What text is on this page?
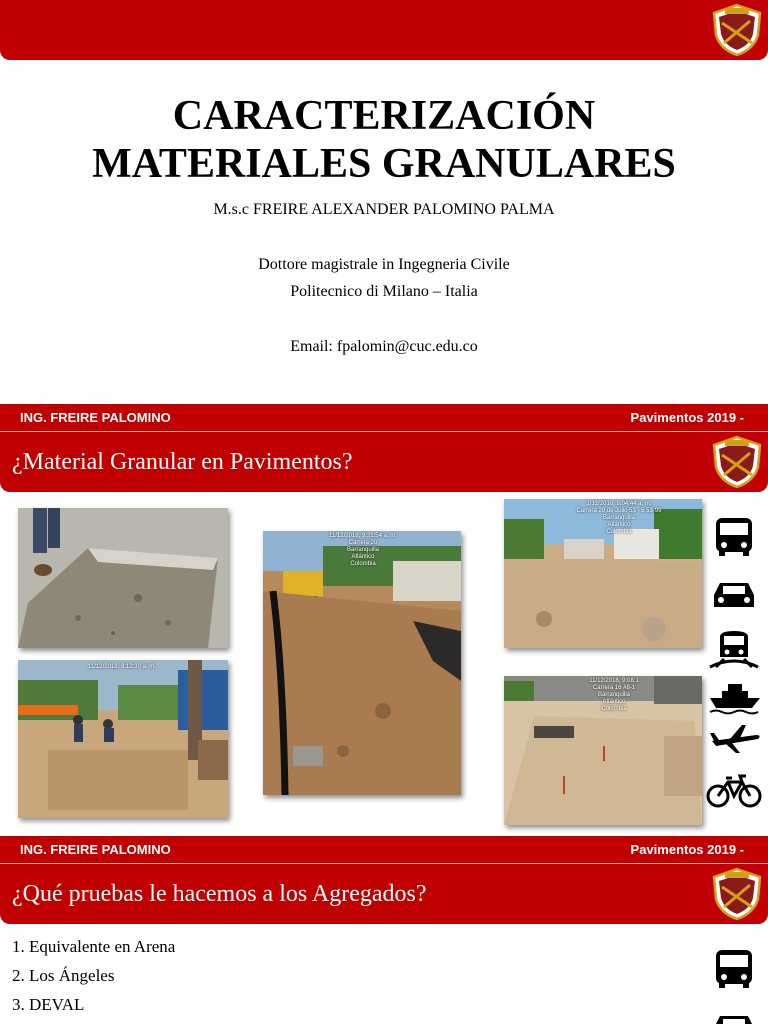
CARACTERIZACIÓN
MATERIALES GRANULARES
M.s.c FREIRE ALEXANDER PALOMINO PALMA
Dottore magistrale in Ingegneria Civile
Politecnico di Milano – Italia
Email: fpalomin@cuc.edu.co
ING. FREIRE PALOMINO	Pavimentos 2019 -
¿Material Granular en Pavimentos?
11/12/2018, 9:12:30 a. m.
11/12/2018, 9:21:54 a. m.
Carrera 20
Barranquilla
Atlántico
Colombia
1/12/2018, 9:04:44 a. m.
Carrera 20 de Julio 53 - 6 53-99
Barranquilla
Atlántico
Colombia
11/12/2018, 9:08:1
Carrera 16 #8-1
Barranquilla
Atlántico
Colombia
ING. FREIRE PALOMINO	Pavimentos 2019 -
¿Qué pruebas le hacemos a los Agregados?
1. Equivalente en Arena
2. Los Ángeles
3. DEVAL
